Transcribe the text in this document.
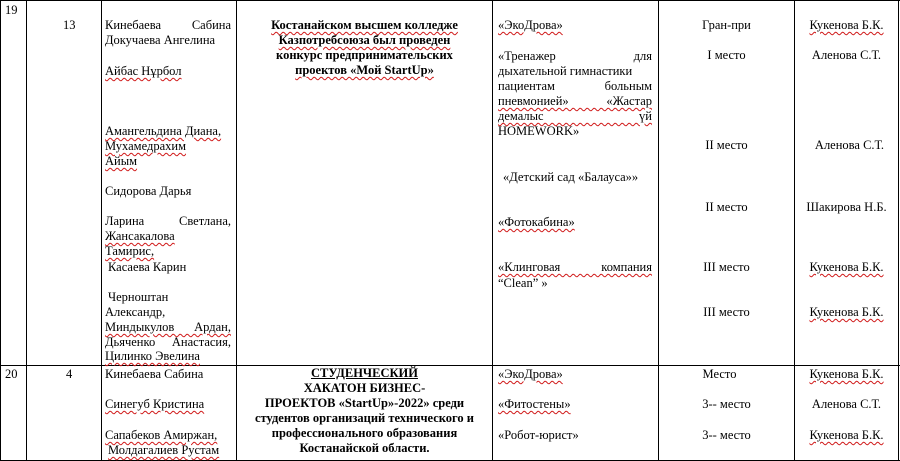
19
13 Кинебаева Сабина
Докучаева Ангелина
Айбас Нұрбол
Амангельдина Диана,
Мухамедрахим
Айым
Сидорова Дарья
Ларина Светлана,
Жансакалова
Тамирис,
Касаева Карин
Черноштан
Александр,
Миндыкулов Ардан,
Дьяченко Анастасия,
Цилинко Эвелина
Костанайском высшем колледже
Казпотребсоюза был проведен
конкурс предпринимательских
проектов «Мой StartUp»
«ЭкоДрова»
«Тренажер для
дыхательной гимнастики
пациентам больным
пневмонией» «Жастар
демалыс үй
HOMEWORK»
«Детский сад «Балауса»»
«Фотокабина»
«Клинговая компания
“Clean” »
Гран-при
I место
II место
II место
III место
III место
Кукенова Б.К.
Аленова С.Т.
Аленова С.Т.
Шакирова Н.Б.
Кукенова Б.К.
Кукенова Б.К.
20	4	Кинебаева Сабина
Синегуб Кристина
Сапабеков Амиржан,
Молдагалиев Рустам
СТУДЕНЧЕСКИЙ
ХАКАТОН БИЗНЕС-
ПРОЕКТОВ «StartUp»-2022» среди
студентов организаций технического и
профессионального образования
Костанайской области.
«ЭкоДрова»
«Фитостены»
«Робот-юрист»
Место
3-- место
3-- место
Кукенова Б.К.
Аленова С.Т.
Кукенова Б.К.
